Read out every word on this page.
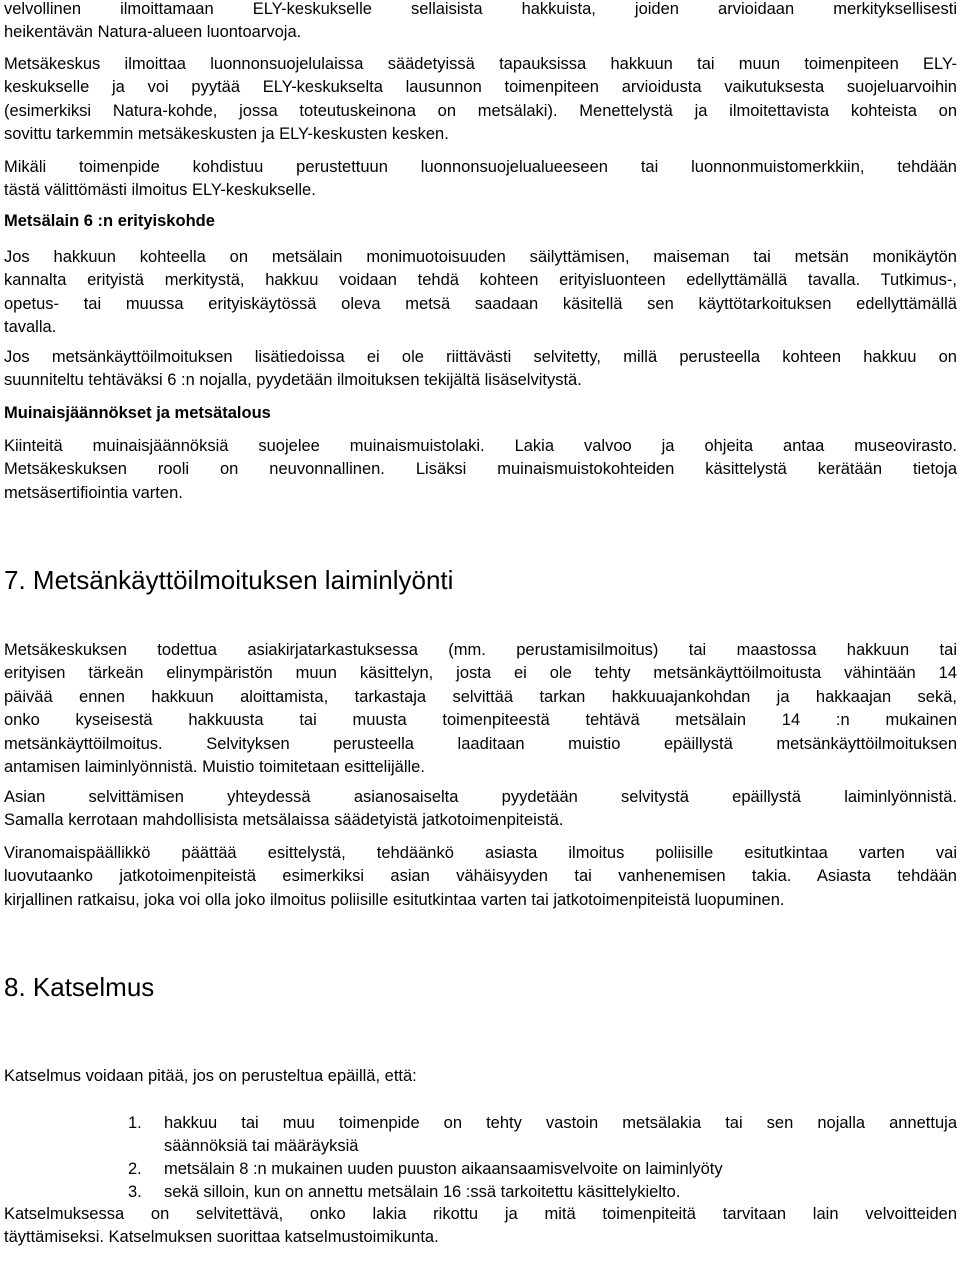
velvollinen ilmoittamaan ELY-keskukselle sellaisista hakkuista, joiden arvioidaan merkityksellisesti
heikentävän Natura-alueen luontoarvoja.

Metsäkeskus ilmoittaa luonnonsuojelulaissa säädetyissä tapauksissa hakkuun tai muun toimenpiteen ELY-
keskukselle ja voi pyytää ELY-keskukselta lausunnon toimenpiteen arvioidusta vaikutuksesta suojeluarvoihin
(esimerkiksi Natura-kohde, jossa toteutuskeinona on metsälaki). Menettelystä ja ilmoitettavista kohteista on
sovittu tarkemmin metsäkeskusten ja ELY-keskusten kesken.

Mikäli toimenpide kohdistuu perustettuun luonnonsuojelualueeseen tai luonnonmuistomerkkiin, tehdään
tästä välittömästi ilmoitus ELY-keskukselle.

Metsälain 6 :n erityiskohde

Jos hakkuun kohteella on metsälain monimuotoisuuden säilyttämisen, maiseman tai metsän monikäytön
kannalta erityistä merkitystä, hakkuu voidaan tehdä kohteen erityisluonteen edellyttämällä tavalla. Tutkimus-,
opetus- tai muussa erityiskäytössä oleva metsä saadaan käsitellä sen käyttötarkoituksen edellyttämällä
tavalla.

Jos metsänkäyttöilmoituksen lisätiedoissa ei ole riittävästi selvitetty, millä perusteella kohteen hakkuu on
suunniteltu tehtäväksi 6 :n nojalla, pyydetään ilmoituksen tekijältä lisäselvitystä.

Muinaisjäännökset ja metsätalous

Kiinteitä muinaisjäännöksiä suojelee muinaismuistolaki. Lakia valvoo ja ohjeita antaa museovirasto.
Metsäkeskuksen rooli on neuvonnallinen. Lisäksi muinaismuistokohteiden käsittelystä kerätään tietoja
metsäsertifiointia varten.

7. Metsänkäyttöilmoituksen laiminlyönti

Metsäkeskuksen todettua asiakirjatarkastuksessa (mm. perustamisilmoitus) tai maastossa hakkuun tai
erityisen tärkeän elinympäristön muun käsittelyn, josta ei ole tehty metsänkäyttöilmoitusta vähintään 14
päivää ennen hakkuun aloittamista, tarkastaja selvittää tarkan hakkuuajankohdan ja hakkaajan sekä,
onko kyseisestä hakkuusta tai muusta toimenpiteestä tehtävä metsälain 14 :n mukainen
metsänkäyttöilmoitus. Selvityksen perusteella laaditaan muistio epäillystä metsänkäyttöilmoituksen
antamisen laiminlyönnistä. Muistio toimitetaan esittelijälle.

Asian selvittämisen yhteydessä asianosaiselta pyydetään selvitystä epäillystä laiminlyönnistä.
Samalla kerrotaan mahdollisista metsälaissa säädetyistä jatkotoimenpiteistä.

Viranomaispäällikkö päättää esittelystä, tehdäänkö asiasta ilmoitus poliisille esitutkintaa varten vai
luovutaanko jatkotoimenpiteistä esimerkiksi asian vähäisyyden tai vanhenemisen takia. Asiasta tehdään
kirjallinen ratkaisu, joka voi olla joko ilmoitus poliisille esitutkintaa varten tai jatkotoimenpiteistä luopuminen.

8. Katselmus

Katselmus voidaan pitää, jos on perusteltua epäillä, että:

1. hakkuu tai muu toimenpide on tehty vastoin metsälakia tai sen nojalla annettuja
säännöksiä tai määräyksiä
2. metsälain 8 :n mukainen uuden puuston aikaansaamisvelvoite on laiminlyöty
3. sekä silloin, kun on annettu metsälain 16 :ssä tarkoitettu käsittelykielto.

Katselmuksessa on selvitettävä, onko lakia rikottu ja mitä toimenpiteitä tarvitaan lain velvoitteiden
täyttämiseksi. Katselmuksen suorittaa katselmustoimikunta.
